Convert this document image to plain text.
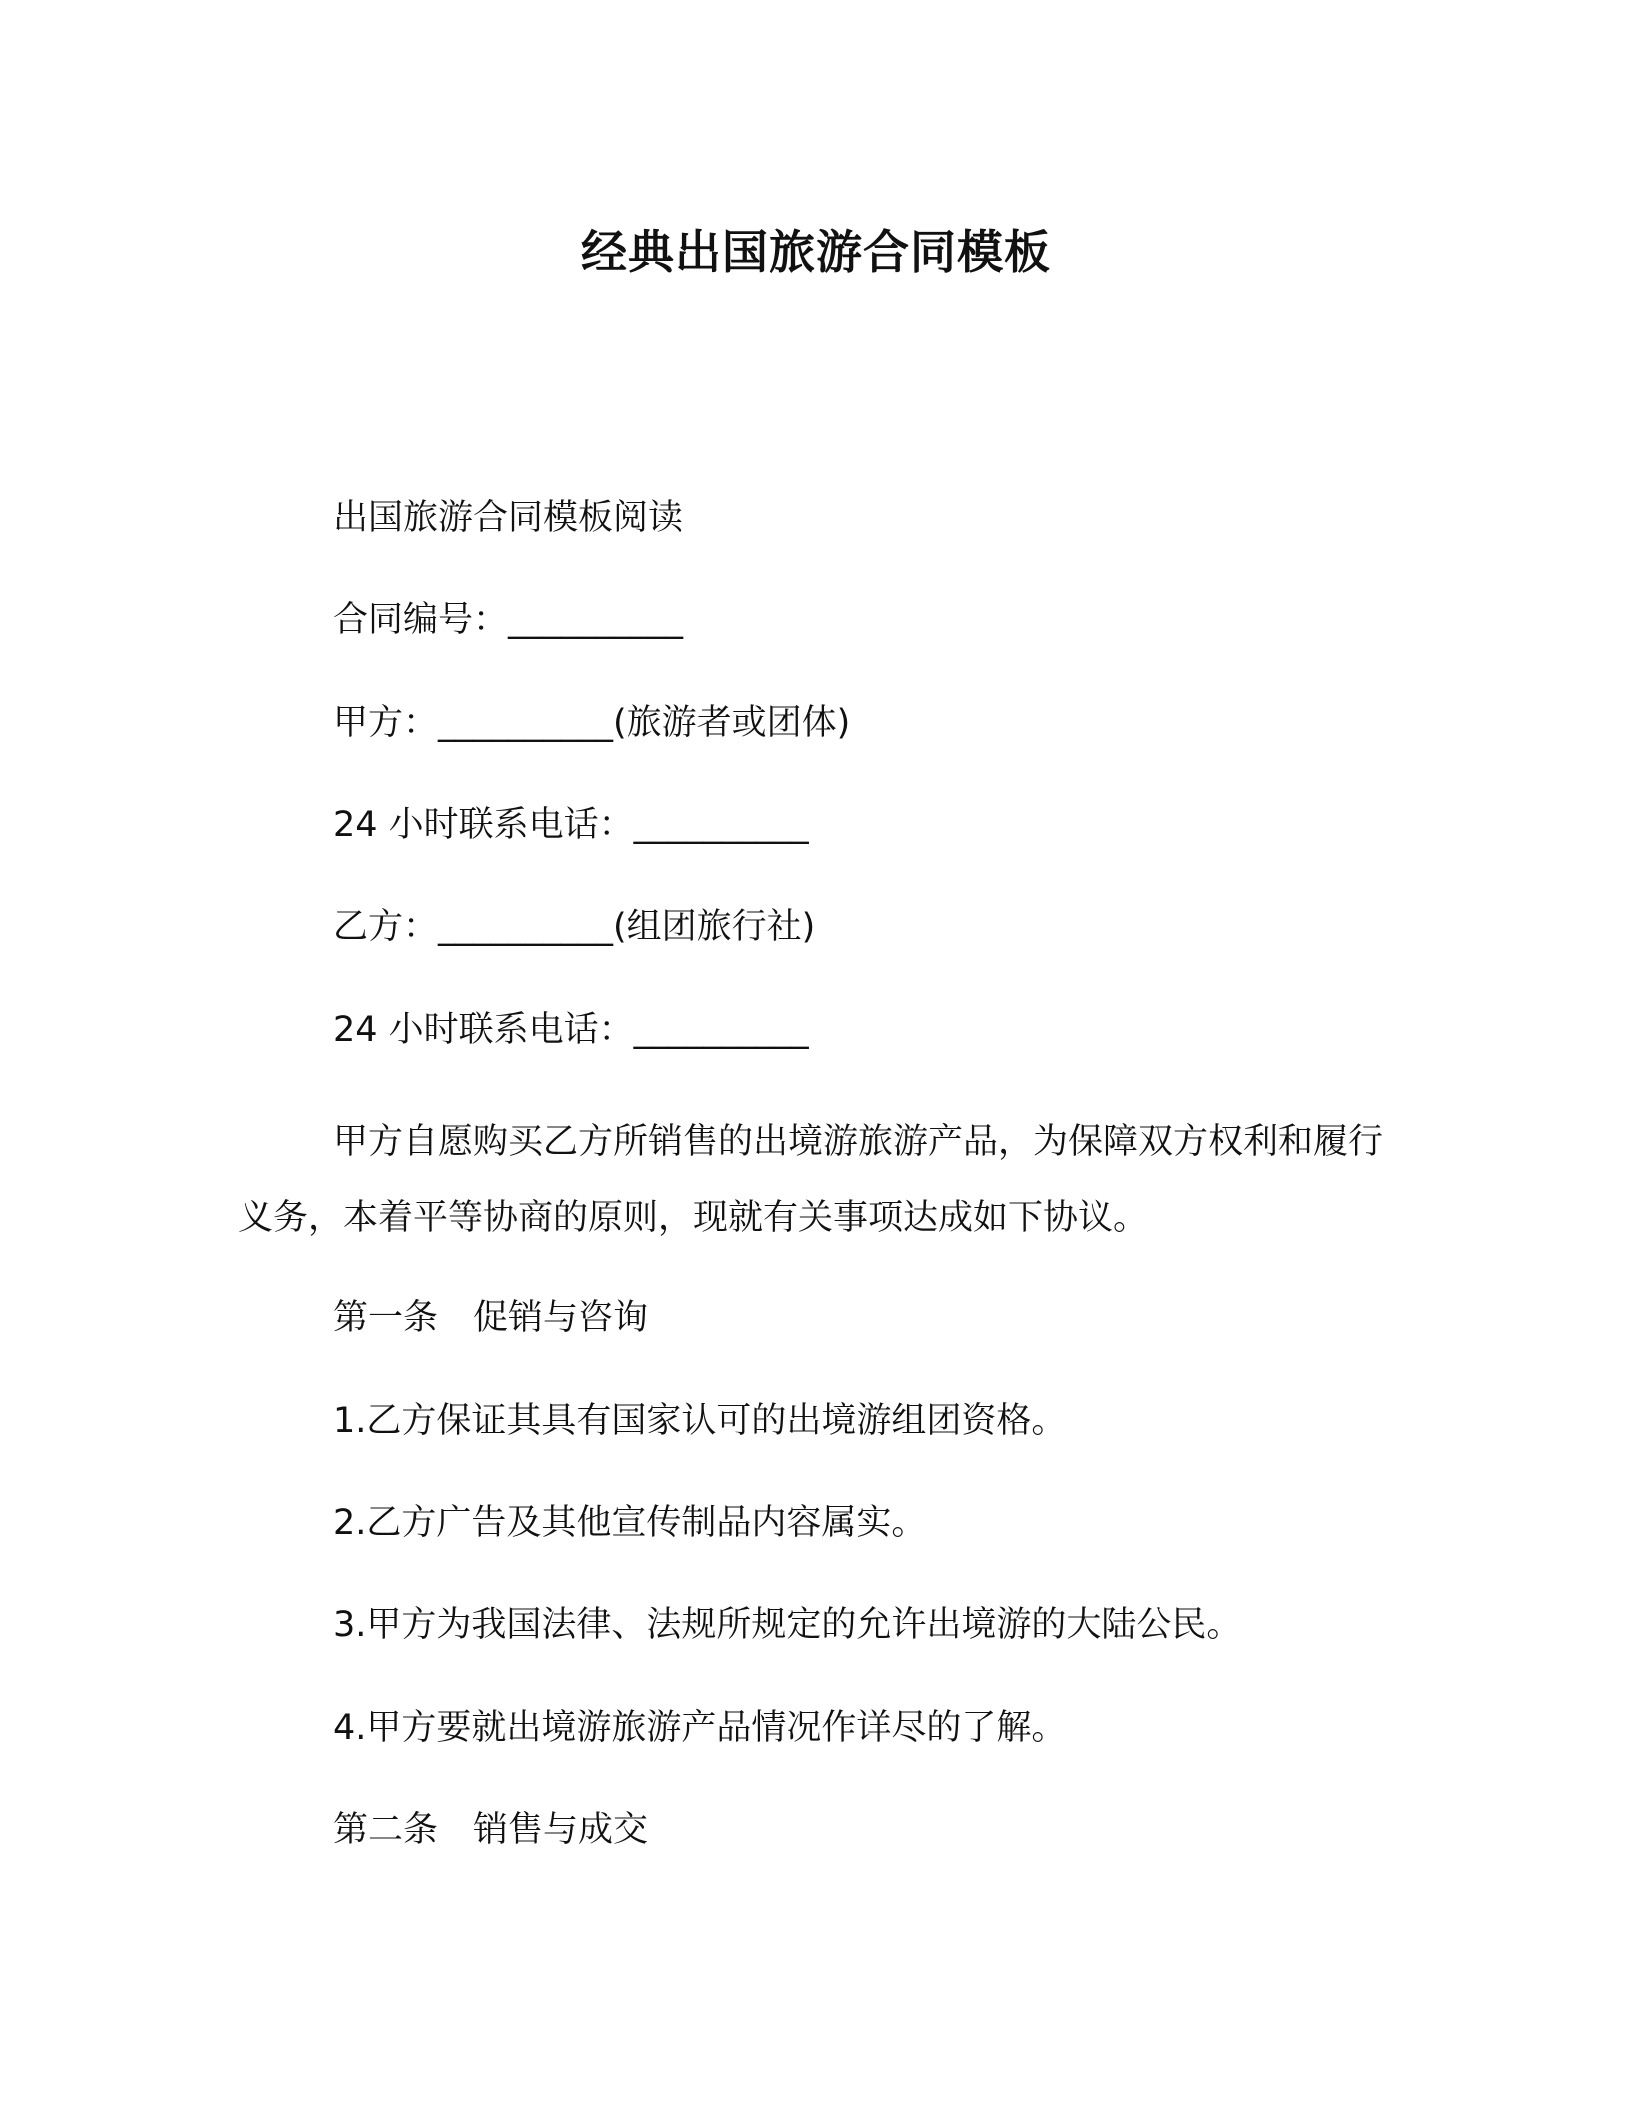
经典出国旅游合同模板

出国旅游合同模板阅读

合同编号：__________

甲方：__________(旅游者或团体)

24 小时联系电话：__________

乙方：__________(组团旅行社)

24 小时联系电话：__________

甲方自愿购买乙方所销售的出境游旅游产品，为保障双方权利和履行义务，本着平等协商的原则，现就有关事项达成如下协议。

第一条　促销与咨询

1.乙方保证其具有国家认可的出境游组团资格。

2.乙方广告及其他宣传制品内容属实。

3.甲方为我国法律、法规所规定的允许出境游的大陆公民。

4.甲方要就出境游旅游产品情况作详尽的了解。

第二条　销售与成交
